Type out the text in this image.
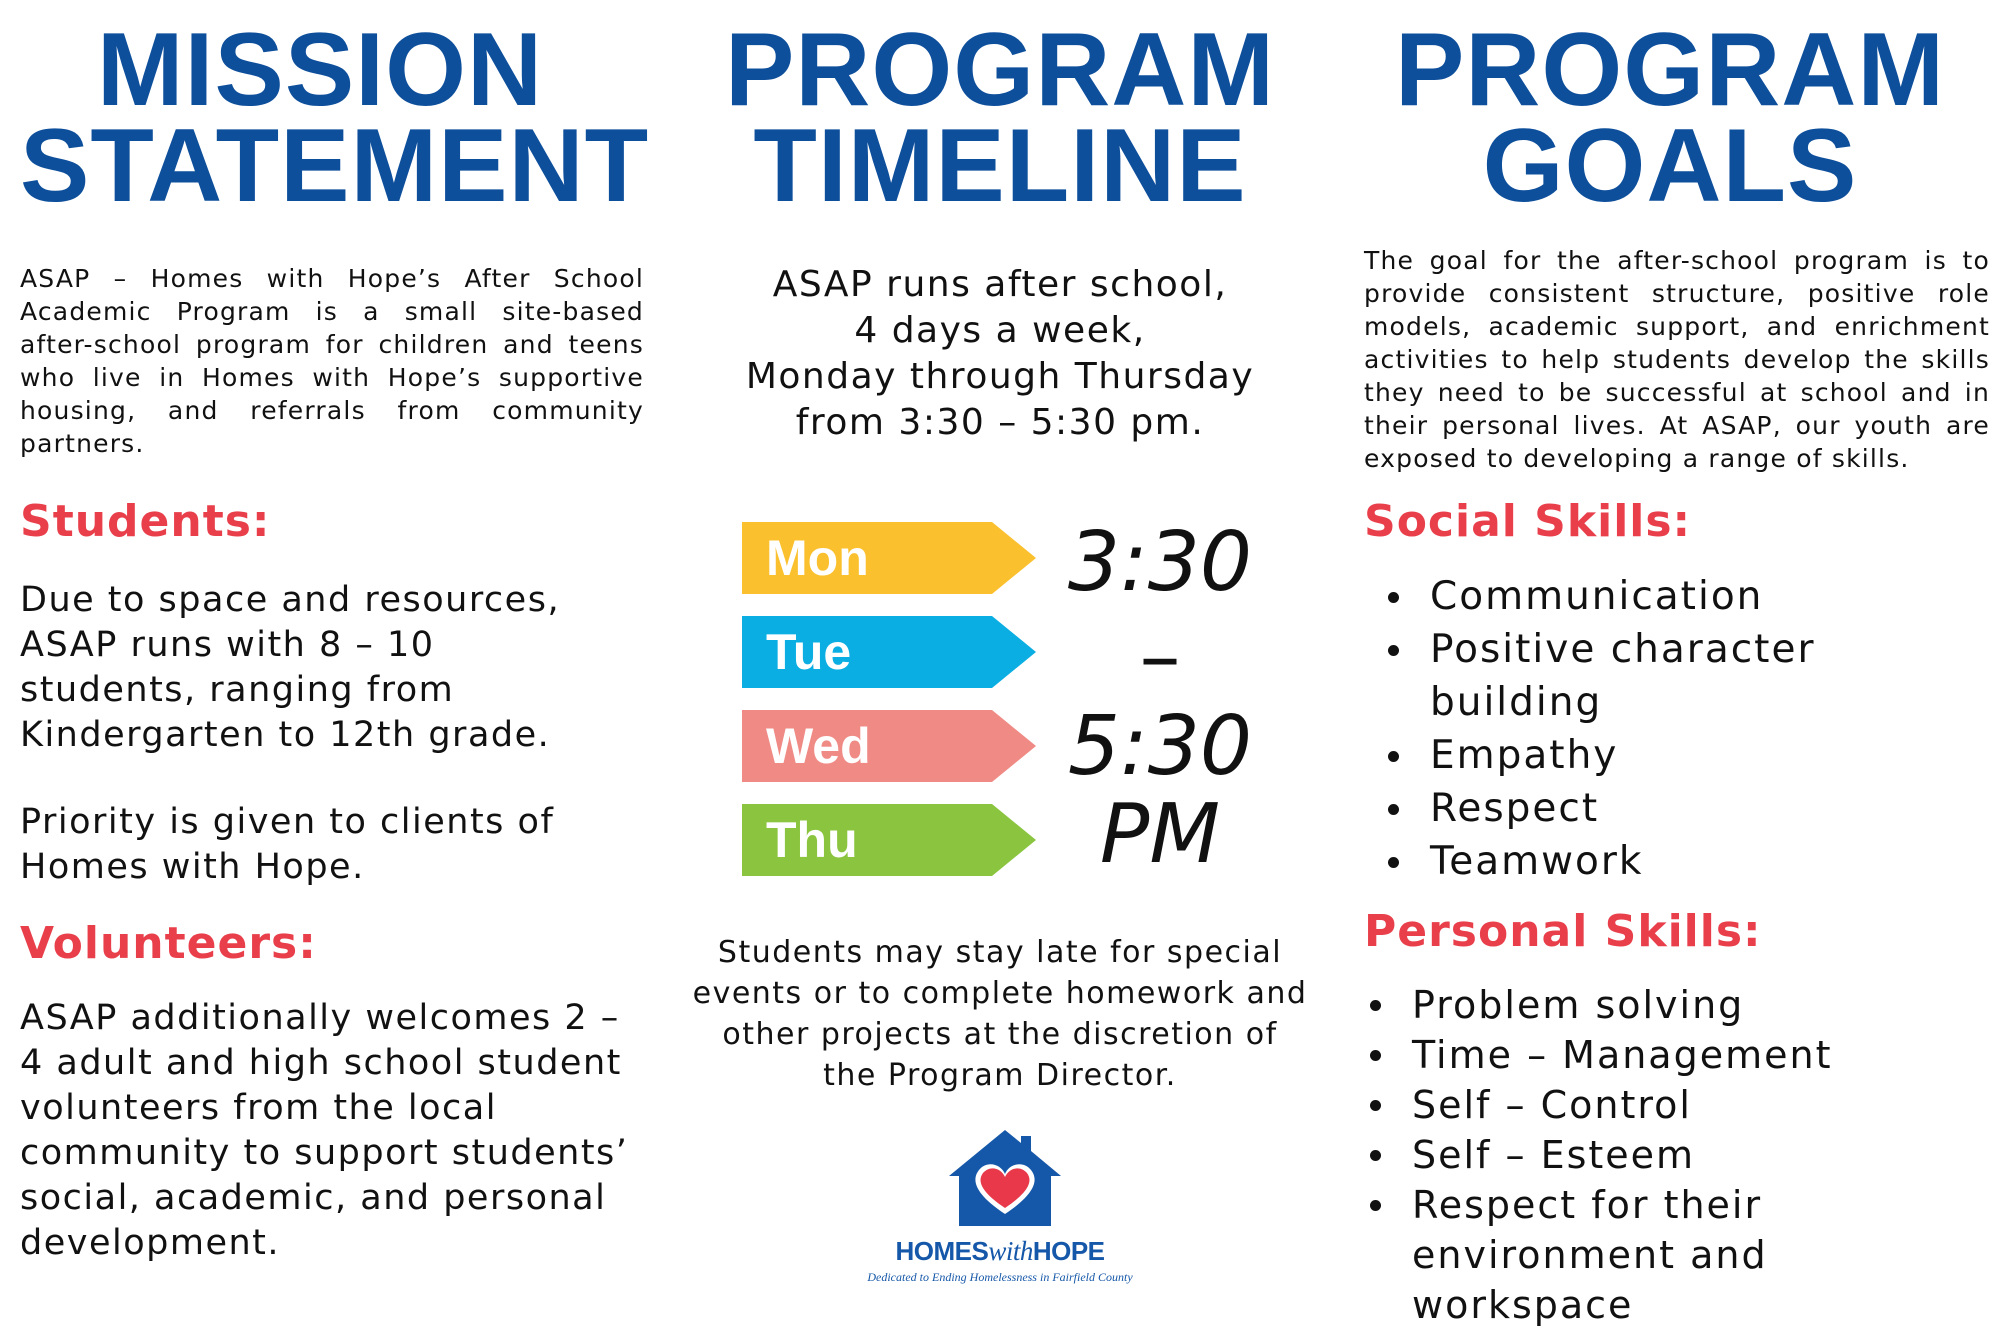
MISSION
STATEMENT

ASAP – Homes with Hope’s After School Academic Program is a small site-based after-school program for children and teens who live in Homes with Hope’s supportive housing, and referrals from community partners.

Students:

Due to space and resources, ASAP runs with 8 – 10 students, ranging from Kindergarten to 12th grade.

Priority is given to clients of Homes with Hope.

Volunteers:

ASAP additionally welcomes 2 – 4 adult and high school student volunteers from the local community to support students’ social, academic, and personal development.

PROGRAM
TIMELINE
ASAP runs after school,
4 days a week,
Monday through Thursday
from 3:30 – 5:30 pm.

Students may stay late for special events or to complete homework and other projects at the discretion of the Program Director.

Mon
Tue
Wed
Thu
3:30
–
5:30
PM
HOMESwithHOPE
Dedicated to Ending Homelessness in Fairfield County
PROGRAM
GOALS

The goal for the after-school program is to provide consistent structure, positive role models, academic support, and enrichment activities to help students develop the skills they need to be successful at school and in their personal lives. At ASAP, our youth are exposed to developing a range of skills.

Social Skills:
Communication
Positive character building
Empathy
Respect
Teamwork
Personal Skills:
Problem solving
Time – Management
Self – Control
Self – Esteem
Respect for their environment and workspace
